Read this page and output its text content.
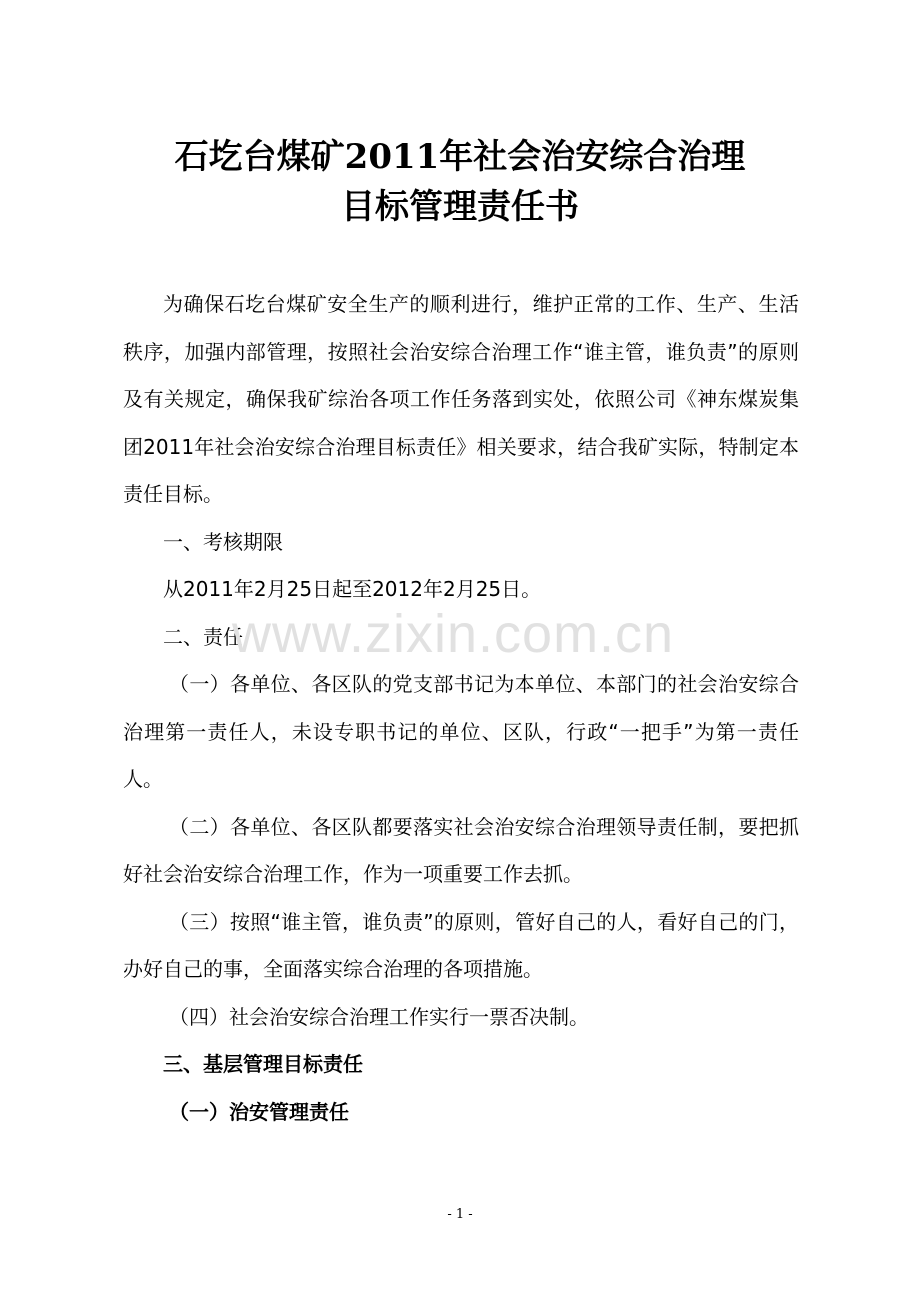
石圪台煤矿2011年社会治安综合治理
目标管理责任书

为确保石圪台煤矿安全生产的顺利进行，维护正常的工作、生产、生活秩序，加强内部管理，按照社会治安综合治理工作“谁主管，谁负责”的原则及有关规定，确保我矿综治各项工作任务落到实处，依照公司《神东煤炭集团2011年社会治安综合治理目标责任》相关要求，结合我矿实际，特制定本责任目标。

一、考核期限

从2011年2月25日起至2012年2月25日。

二、责任

（一）各单位、各区队的党支部书记为本单位、本部门的社会治安综合治理第一责任人，未设专职书记的单位、区队，行政“一把手”为第一责任人。

（二）各单位、各区队都要落实社会治安综合治理领导责任制，要把抓好社会治安综合治理工作，作为一项重要工作去抓。

（三）按照“谁主管，谁负责”的原则，管好自己的人，看好自己的门，办好自己的事，全面落实综合治理的各项措施。

（四）社会治安综合治理工作实行一票否决制。

三、基层管理目标责任

（一）治安管理责任

www.zixin.com.cn
- 1 -
